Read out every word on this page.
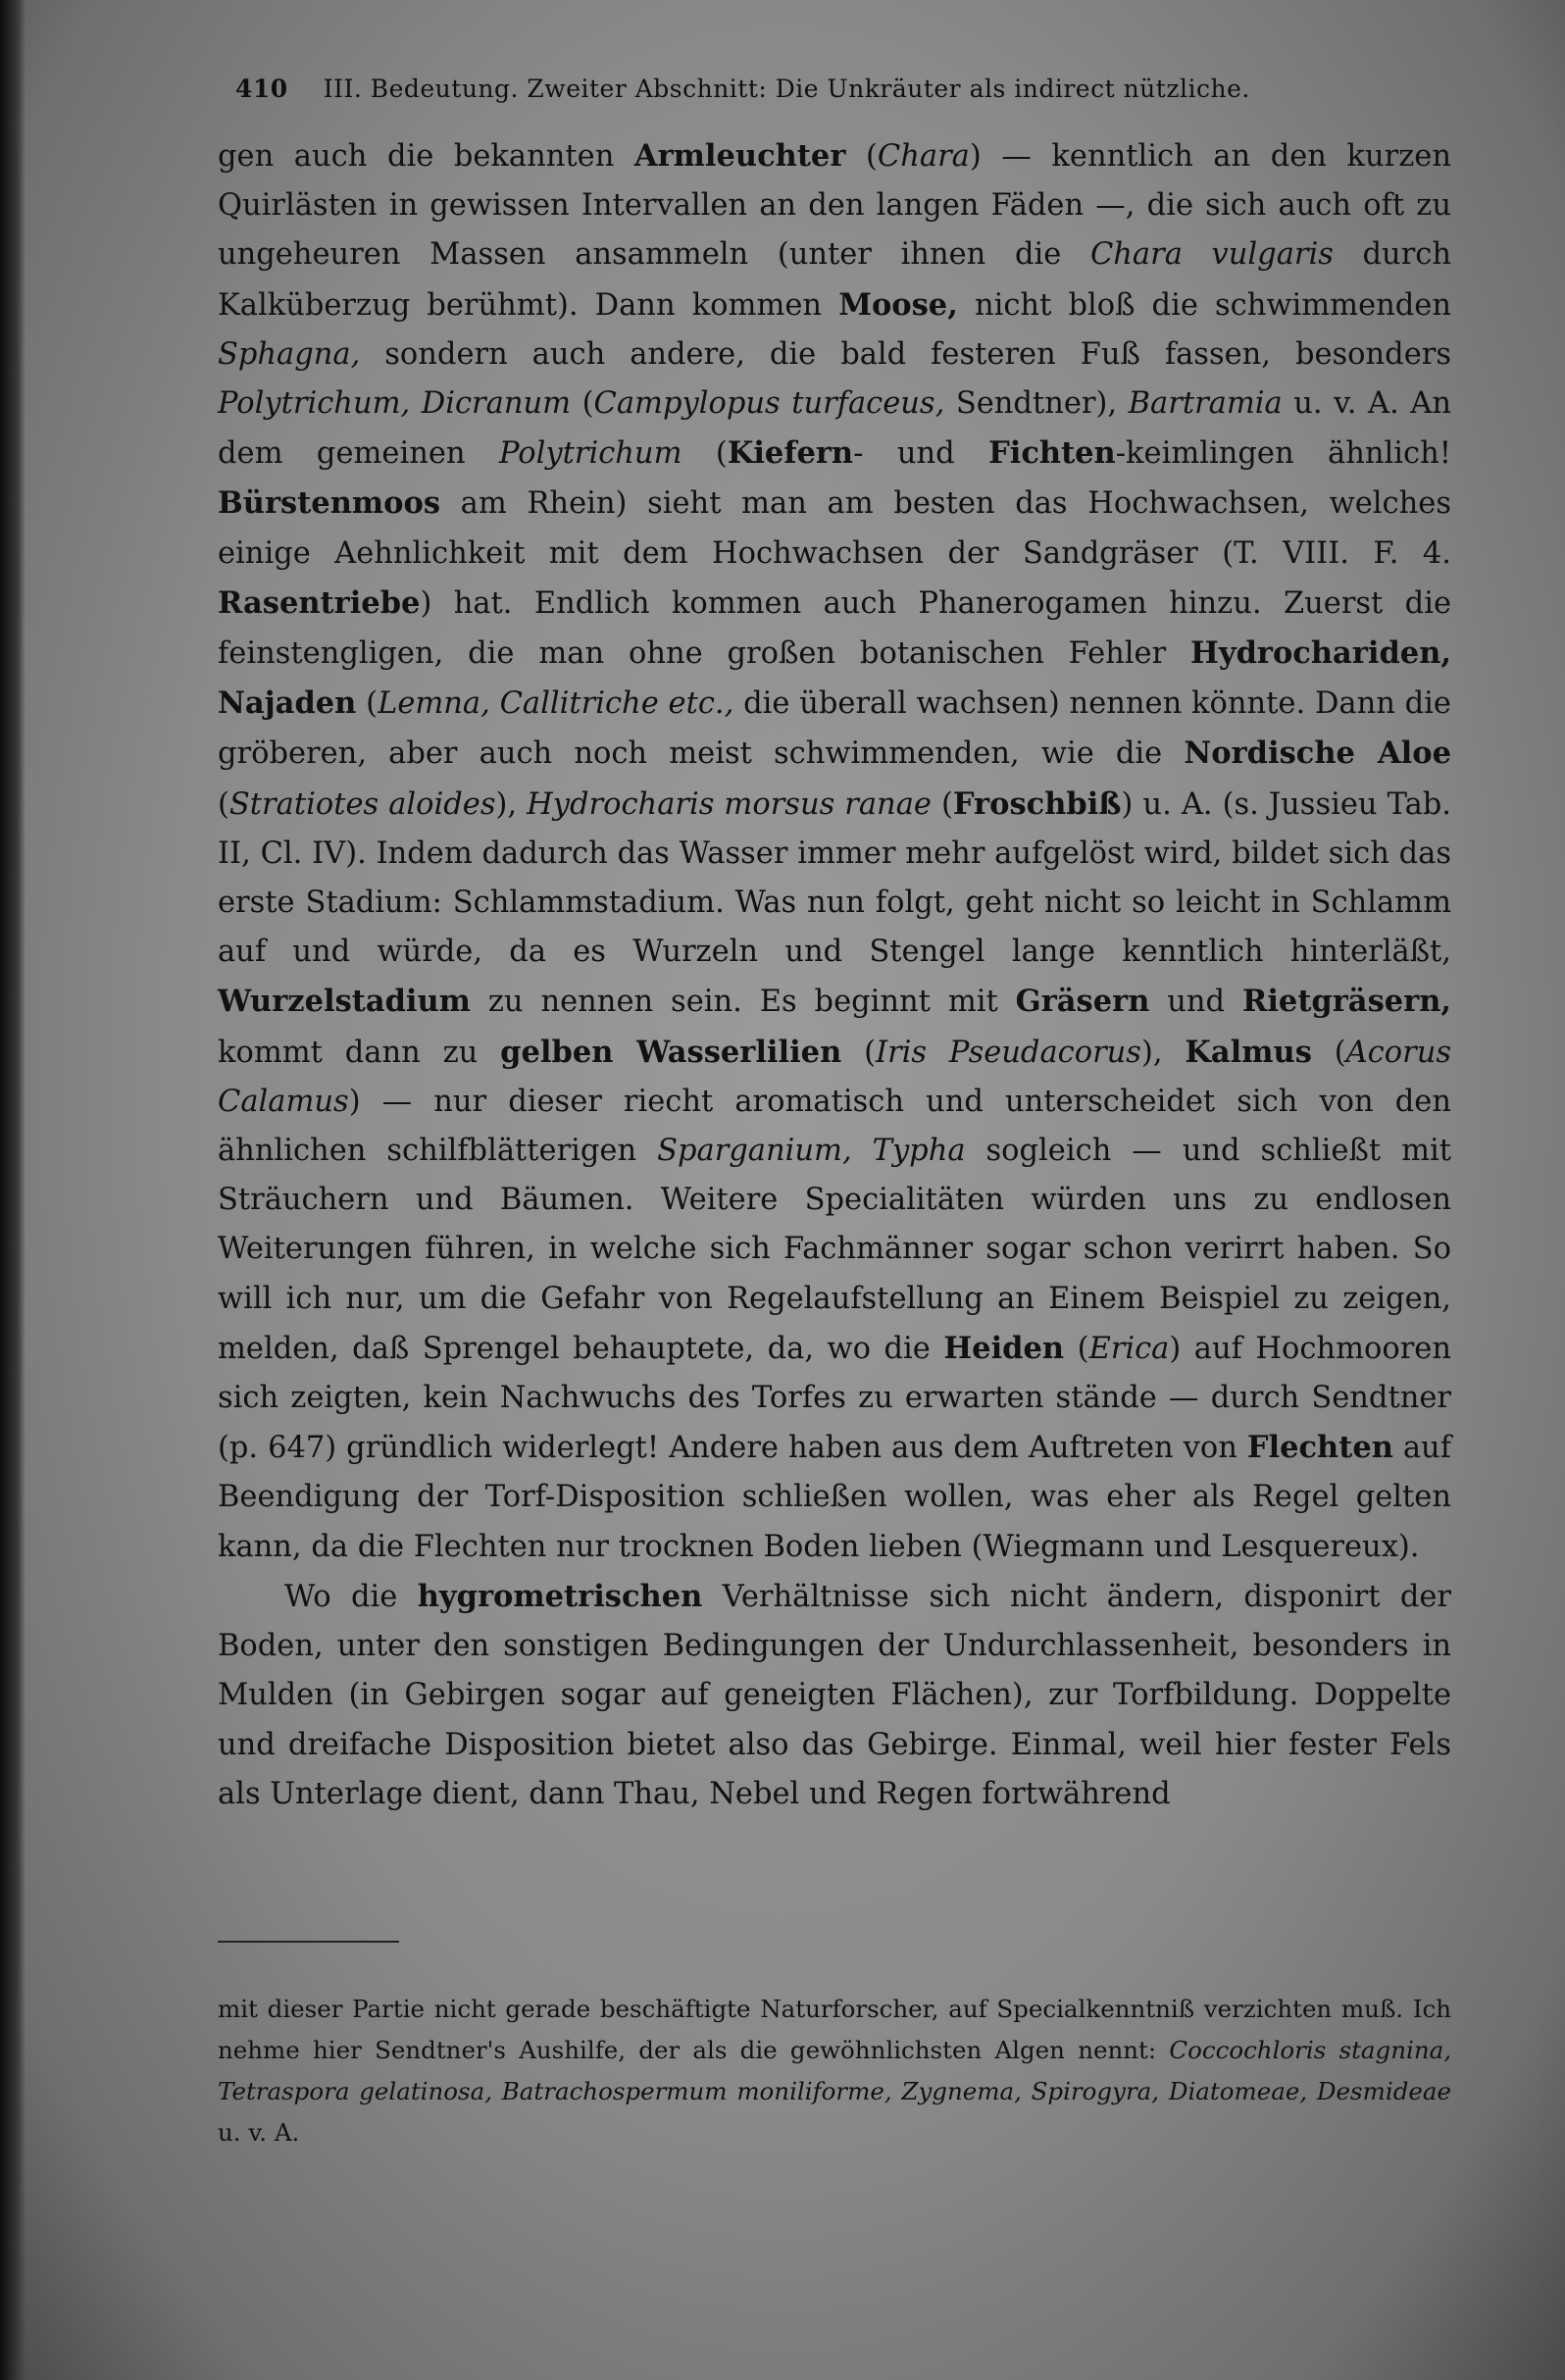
410 III. Bedeutung. Zweiter Abschnitt: Die Unkräuter als indirect nützliche.

gen auch die bekannten Armleuchter (Chara) — kenntlich an den kurzen Quirlästen in gewissen Intervallen an den langen Fäden —, die sich auch oft zu ungeheuren Massen ansammeln (unter ihnen die Chara vulgaris durch Kalküberzug berühmt). Dann kommen Moose, nicht bloß die schwimmenden Sphagna, sondern auch andere, die bald festeren Fuß fassen, besonders Polytrichum, Dicranum (Campylopus turfaceus, Sendtner), Bartramia u. v. A. An dem gemeinen Polytrichum (Kiefern- und Fichten-keimlingen ähnlich! Bürstenmoos am Rhein) sieht man am besten das Hochwachsen, welches einige Aehnlichkeit mit dem Hochwachsen der Sandgräser (T. VIII. F. 4. Rasentriebe) hat. Endlich kommen auch Phanerogamen hinzu. Zuerst die feinstengligen, die man ohne großen botanischen Fehler Hydrochariden, Najaden (Lemna, Callitriche etc., die überall wachsen) nennen könnte. Dann die gröberen, aber auch noch meist schwimmenden, wie die Nordische Aloe (Stratiotes aloides), Hydrocharis morsus ranae (Froschbiß) u. A. (s. Jussieu Tab. II, Cl. IV). Indem dadurch das Wasser immer mehr aufgelöst wird, bildet sich das erste Stadium: Schlammstadium. Was nun folgt, geht nicht so leicht in Schlamm auf und würde, da es Wurzeln und Stengel lange kenntlich hinterläßt, Wurzelstadium zu nennen sein. Es beginnt mit Gräsern und Rietgräsern, kommt dann zu gelben Wasserlilien (Iris Pseudacorus), Kalmus (Acorus Calamus) — nur dieser riecht aromatisch und unterscheidet sich von den ähnlichen schilfblätterigen Sparganium, Typha sogleich — und schließt mit Sträuchern und Bäumen. Weitere Specialitäten würden uns zu endlosen Weiterungen führen, in welche sich Fachmänner sogar schon verirrt haben. So will ich nur, um die Gefahr von Regelaufstellung an Einem Beispiel zu zeigen, melden, daß Sprengel behauptete, da, wo die Heiden (Erica) auf Hochmooren sich zeigten, kein Nachwuchs des Torfes zu erwarten stände — durch Sendtner (p. 647) gründlich widerlegt! Andere haben aus dem Auftreten von Flechten auf Beendigung der Torf-Disposition schließen wollen, was eher als Regel gelten kann, da die Flechten nur trocknen Boden lieben (Wiegmann und Lesquereux).

Wo die hygrometrischen Verhältnisse sich nicht ändern, disponirt der Boden, unter den sonstigen Bedingungen der Undurchlassenheit, besonders in Mulden (in Gebirgen sogar auf geneigten Flächen), zur Torfbildung. Doppelte und dreifache Disposition bietet also das Gebirge. Einmal, weil hier fester Fels als Unterlage dient, dann Thau, Nebel und Regen fortwährend

mit dieser Partie nicht gerade beschäftigte Naturforscher, auf Specialkenntniß verzichten muß. Ich nehme hier Sendtner's Aushilfe, der als die gewöhnlichsten Algen nennt: Coccochloris stagnina, Tetraspora gelatinosa, Batrachospermum moniliforme, Zygnema, Spirogyra, Diatomeae, Desmideae u. v. A.
